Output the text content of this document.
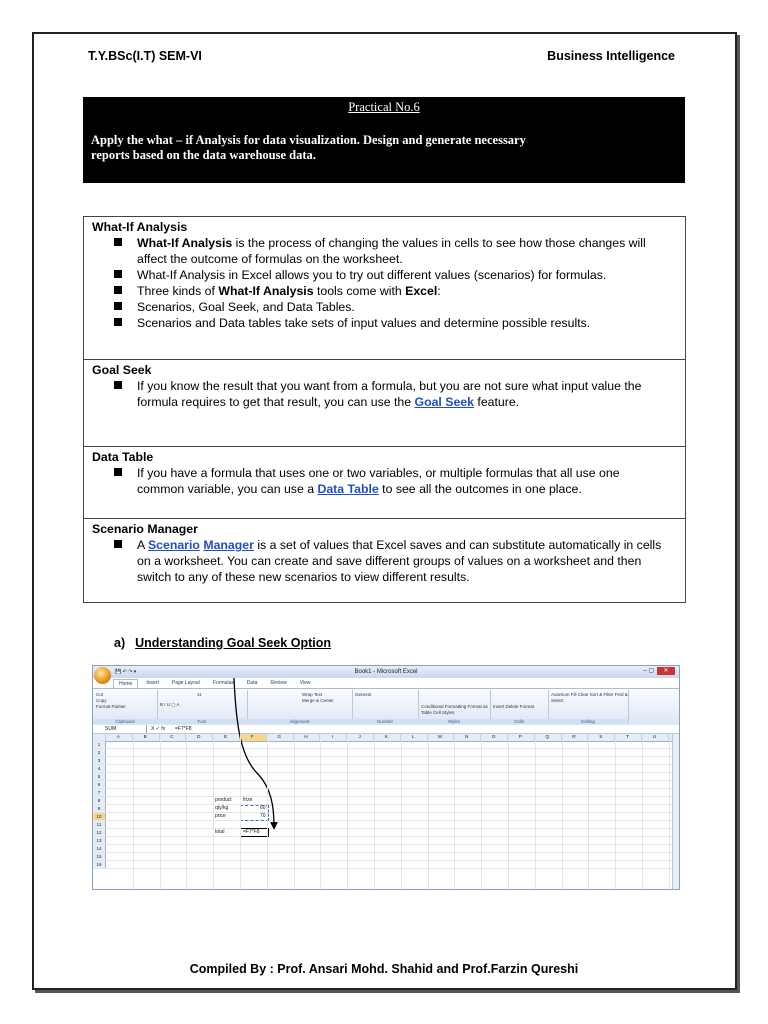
T.Y.BSc(I.T) SEM-VI	Business Intelligence
Practical No.6
Apply the what – if Analysis for data visualization. Design and generate necessary
reports based on the data warehouse data.
What-If Analysis
What-If Analysis is the process of changing the values in cells to see how those changes will
affect the outcome of formulas on the worksheet.
What-If Analysis in Excel allows you to try out different values (scenarios) for formulas.
Three kinds of What-If Analysis tools come with Excel:
Scenarios, Goal Seek, and Data Tables.
Scenarios and Data tables take sets of input values and determine possible results.
Goal Seek
If you know the result that you want from a formula, but you are not sure what input value the
formula requires to get that result, you can use the Goal Seek feature.
Data Table
If you have a formula that uses one or two variables, or multiple formulas that all use one
common variable, you can use a Data Table to see all the outcomes in one place.
Scenario Manager
A Scenario Manager is a set of values that Excel saves and can substitute automatically in cells
on a worksheet. You can create and save different groups of values on a worksheet and then
switch to any of these new scenarios to view different results.
a) Understanding Goal Seek Option
💾 ↶ ↷ ▾	Book1 - Microsoft Excel	– ▢ ✕
Home	Insert	Page Layout	Formulas	Data	Review	View
Cut
Copy
Format Painter
Clipboard
11
B I U ▢ A
Font
Wrap Text
Merge & Center
Alignment
General
Number
Conditional Formatting Format as Table Cell Styles
Styles
Insert Delete Format
Cells
AutoSum Fill Clear Sort & Filter Find & Select
Editing
SUM	X ✓ fx =F7*F8
A	B	C	D	E	F	G	H	I	J	K	L	M	N	O	P	Q	R	S	T	U
1
2
3
4
5
6
7
8
9
10
11
12
13
14
15
16
product frize
qty/kg	60
price	70
total	=F7*F8
Compiled By : Prof. Ansari Mohd. Shahid and Prof.Farzin Qureshi
